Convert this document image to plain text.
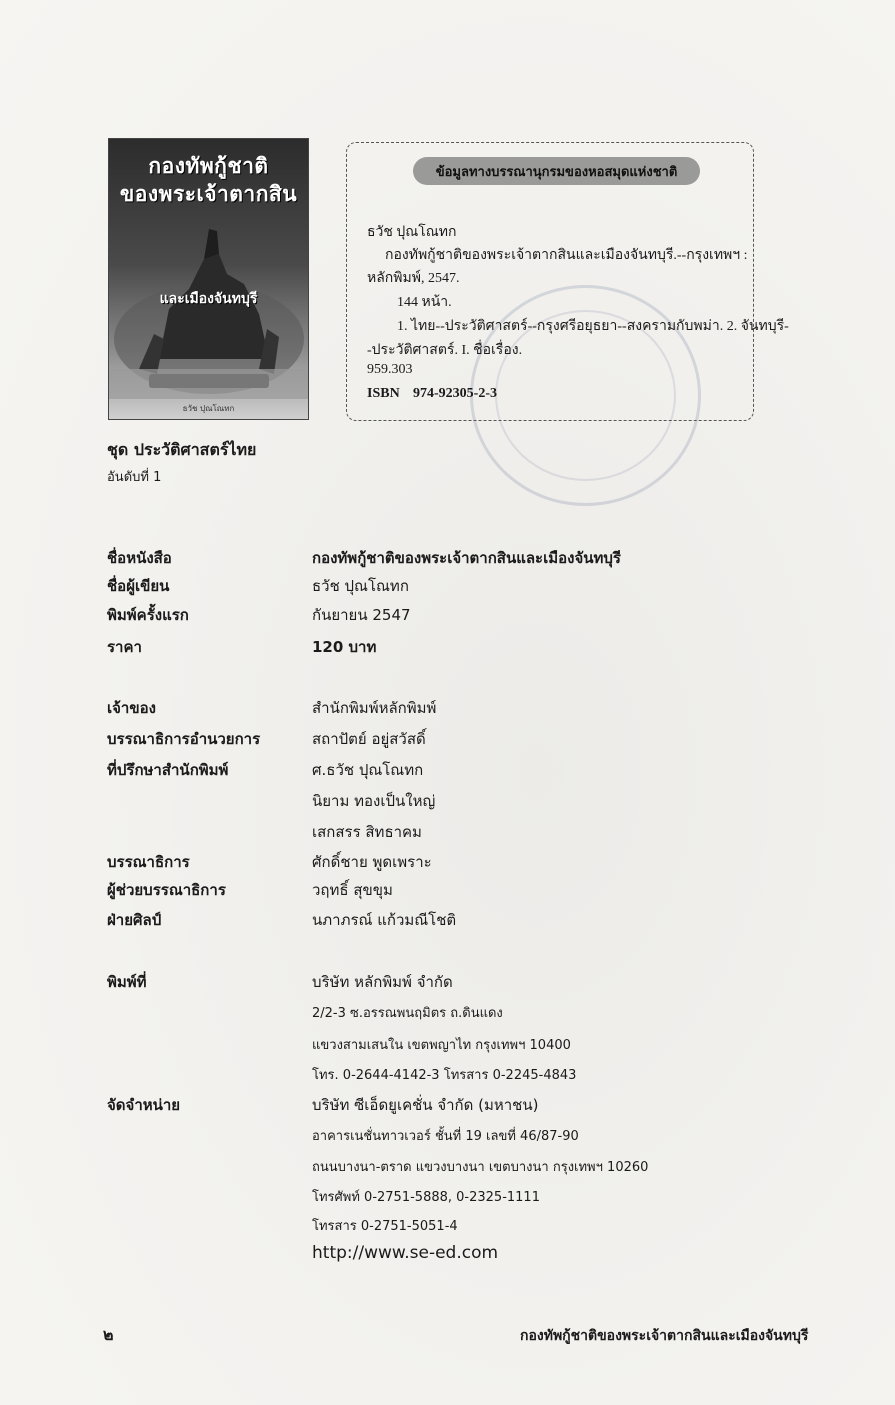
กองทัพกู้ชาติ
ของพระเจ้าตากสิน
และเมืองจันทบุรี
ธวัช ปุณโณทก
ข้อมูลทางบรรณานุกรมของหอสมุดแห่งชาติ
ธวัช ปุณโณทก
กองทัพกู้ชาติของพระเจ้าตากสินและเมืองจันทบุรี.--กรุงเทพฯ :
หลักพิมพ์, 2547.
144 หน้า.
1. ไทย--ประวัติศาสตร์--กรุงศรีอยุธยา--สงครามกับพม่า. 2. จันทบุรี-
-ประวัติศาสตร์. I. ชื่อเรื่อง.
959.303
ISBN 974-92305-2-3
ชุด ประวัติศาสตร์ไทย
อันดับที่ 1
ชื่อหนังสือ	กองทัพกู้ชาติของพระเจ้าตากสินและเมืองจันทบุรี
ชื่อผู้เขียน	ธวัช ปุณโณทก
พิมพ์ครั้งแรก	กันยายน 2547
ราคา	120 บาท
เจ้าของ	สำนักพิมพ์หลักพิมพ์
บรรณาธิการอำนวยการ	สถาปัตย์ อยู่สวัสดิ์
ที่ปรึกษาสำนักพิมพ์	ศ.ธวัช ปุณโณทก
นิยาม ทองเป็นใหญ่
เสกสรร สิทธาคม
บรรณาธิการ	ศักดิ์ชาย พูดเพราะ
ผู้ช่วยบรรณาธิการ	วฤทธิ์ สุขขุม
ฝ่ายศิลป์	นภาภรณ์ แก้วมณีโชติ
พิมพ์ที่	บริษัท หลักพิมพ์ จำกัด
2/2-3 ซ.อรรณพนฤมิตร ถ.ดินแดง
แขวงสามเสนใน เขตพญาไท กรุงเทพฯ 10400
โทร. 0-2644-4142-3 โทรสาร 0-2245-4843
จัดจำหน่าย	บริษัท ซีเอ็ดยูเคชั่น จำกัด (มหาชน)
อาคารเนชั่นทาวเวอร์ ชั้นที่ 19 เลขที่ 46/87-90
ถนนบางนา-ตราด แขวงบางนา เขตบางนา กรุงเทพฯ 10260
โทรศัพท์ 0-2751-5888, 0-2325-1111
โทรสาร 0-2751-5051-4
http://www.se-ed.com
๒	กองทัพกู้ชาติของพระเจ้าตากสินและเมืองจันทบุรี
